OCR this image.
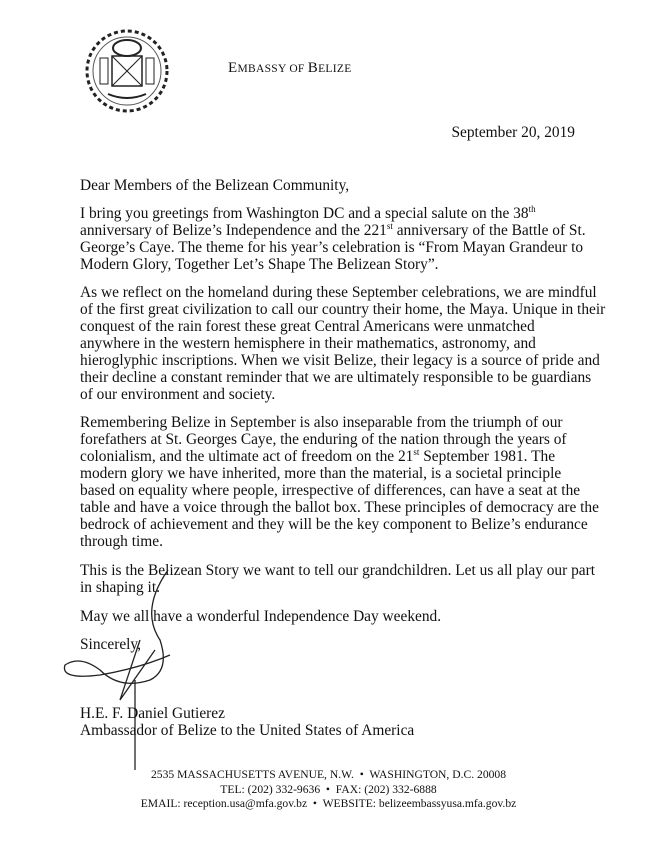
EMBASSY OF BELIZE
September 20, 2019
Dear Members of the Belizean Community,
I bring you greetings from Washington DC and a special salute on the 38th
anniversary of Belize’s Independence and the 221st anniversary of the Battle of St.
George’s Caye. The theme for his year’s celebration is “From Mayan Grandeur to
Modern Glory, Together Let’s Shape The Belizean Story”.
As we reflect on the homeland during these September celebrations, we are mindful
of the first great civilization to call our country their home, the Maya. Unique in their
conquest of the rain forest these great Central Americans were unmatched
anywhere in the western hemisphere in their mathematics, astronomy, and
hieroglyphic inscriptions. When we visit Belize, their legacy is a source of pride and
their decline a constant reminder that we are ultimately responsible to be guardians
of our environment and society.
Remembering Belize in September is also inseparable from the triumph of our
forefathers at St. Georges Caye, the enduring of the nation through the years of
colonialism, and the ultimate act of freedom on the 21st September 1981. The
modern glory we have inherited, more than the material, is a societal principle
based on equality where people, irrespective of differences, can have a seat at the
table and have a voice through the ballot box. These principles of democracy are the
bedrock of achievement and they will be the key component to Belize’s endurance
through time.
This is the Belizean Story we want to tell our grandchildren. Let us all play our part
in shaping it.
May we all have a wonderful Independence Day weekend.
Sincerely,
H.E. F. Daniel Gutierez
Ambassador of Belize to the United States of America
2535 MASSACHUSETTS AVENUE, N.W. • WASHINGTON, D.C. 20008
TEL: (202) 332-9636 • FAX: (202) 332-6888
EMAIL: reception.usa@mfa.gov.bz • WEBSITE: belizeembassyusa.mfa.gov.bz
